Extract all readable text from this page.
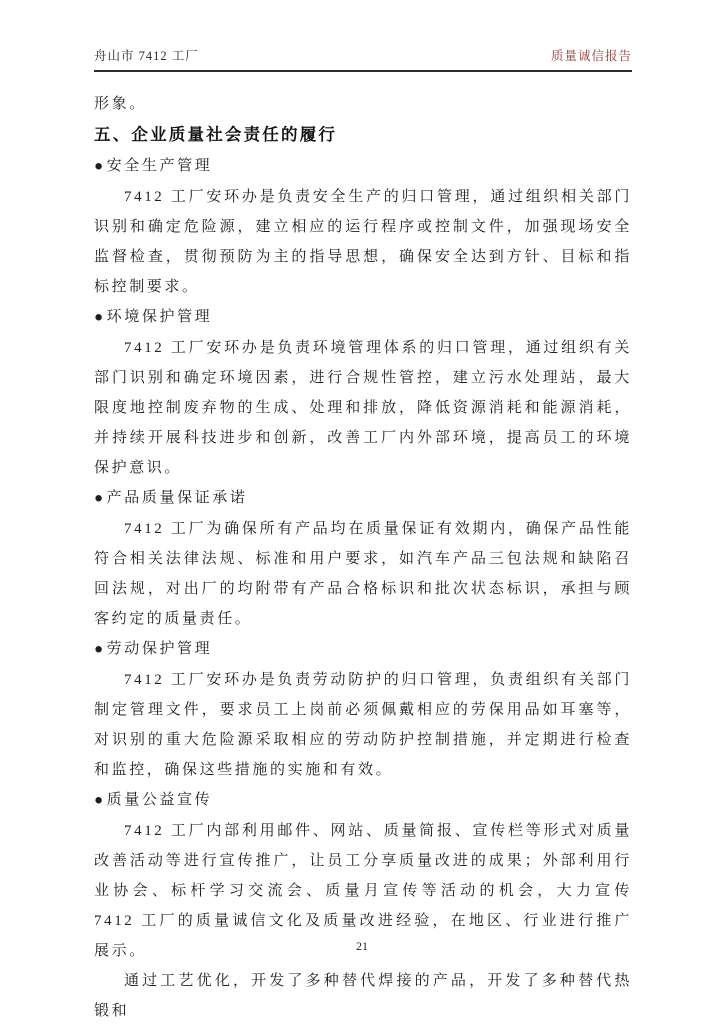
舟山市 7412 工厂	质量诚信报告

形象。

五、企业质量社会责任的履行
●安全生产管理

7412 工厂安环办是负责安全生产的归口管理，通过组织相关部门识别和确定危险源，建立相应的运行程序或控制文件，加强现场安全监督检查，贯彻预防为主的指导思想，确保安全达到方针、目标和指标控制要求。

●环境保护管理

7412 工厂安环办是负责环境管理体系的归口管理，通过组织有关部门识别和确定环境因素，进行合规性管控，建立污水处理站，最大限度地控制废弃物的生成、处理和排放，降低资源消耗和能源消耗，并持续开展科技进步和创新，改善工厂内外部环境，提高员工的环境保护意识。

●产品质量保证承诺

7412 工厂为确保所有产品均在质量保证有效期内，确保产品性能符合相关法律法规、标准和用户要求，如汽车产品三包法规和缺陷召回法规，对出厂的均附带有产品合格标识和批次状态标识，承担与顾客约定的质量责任。

●劳动保护管理

7412 工厂安环办是负责劳动防护的归口管理，负责组织有关部门制定管理文件，要求员工上岗前必须佩戴相应的劳保用品如耳塞等，对识别的重大危险源采取相应的劳动防护控制措施，并定期进行检查和监控，确保这些措施的实施和有效。

●质量公益宣传

7412 工厂内部利用邮件、网站、质量简报、宣传栏等形式对质量改善活动等进行宣传推广，让员工分享质量改进的成果；外部利用行业协会、标杆学习交流会、质量月宣传等活动的机会，大力宣传 7412 工厂的质量诚信文化及质量改进经验，在地区、行业进行推广展示。

通过工艺优化，开发了多种替代焊接的产品，开发了多种替代热锻和

21
